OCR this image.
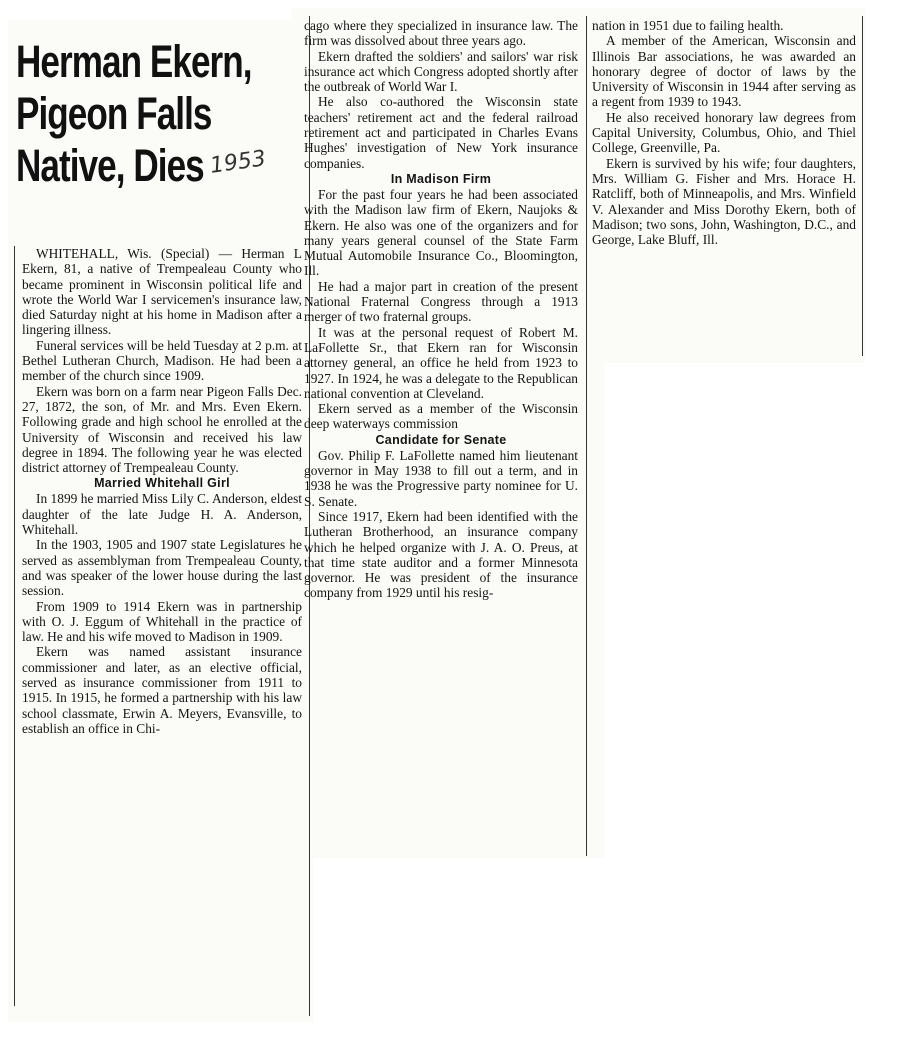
Herman Ekern,
Pigeon Falls
Native, Dies 1953

WHITEHALL, Wis. (Special) — Herman L Ekern, 81, a native of Trempealeau County who became prominent in Wisconsin political life and wrote the World War I servicemen's insurance law, died Saturday night at his home in Madison after a lingering illness.

Funeral services will be held Tuesday at 2 p.m. at Bethel Lutheran Church, Madison. He had been a member of the church since 1909.

Ekern was born on a farm near Pigeon Falls Dec. 27, 1872, the son, of Mr. and Mrs. Even Ekern. Following grade and high school he enrolled at the University of Wisconsin and received his law degree in 1894. The following year he was elected district attorney of Trempealeau County.

Married Whitehall Girl

In 1899 he married Miss Lily C. Anderson, eldest daughter of the late Judge H. A. Anderson, Whitehall.

In the 1903, 1905 and 1907 state Legislatures he served as assemblyman from Trempealeau County, and was speaker of the lower house during the last session.

From 1909 to 1914 Ekern was in partnership with O. J. Eggum of Whitehall in the practice of law. He and his wife moved to Madison in 1909.

Ekern was named assistant insurance commissioner and later, as an elective official, served as insurance commissioner from 1911 to 1915. In 1915, he formed a partnership with his law school classmate, Erwin A. Meyers, Evansville, to establish an office in Chi-

cago where they specialized in insurance law. The firm was dissolved about three years ago.

Ekern drafted the soldiers' and sailors' war risk insurance act which Congress adopted shortly after the outbreak of World War I.

He also co-authored the Wisconsin state teachers' retirement act and the federal railroad retirement act and participated in Charles Evans Hughes' investigation of New York insurance companies.

In Madison Firm

For the past four years he had been associated with the Madison law firm of Ekern, Naujoks & Ekern. He also was one of the organizers and for many years general counsel of the State Farm Mutual Automobile Insurance Co., Bloomington, Ill.

He had a major part in creation of the present National Fraternal Congress through a 1913 merger of two fraternal groups.

It was at the personal request of Robert M. LaFollette Sr., that Ekern ran for Wisconsin attorney general, an office he held from 1923 to 1927. In 1924, he was a delegate to the Republican national convention at Cleveland.

Ekern served as a member of the Wisconsin deep waterways commission

Candidate for Senate

Gov. Philip F. LaFollette named him lieutenant governor in May 1938 to fill out a term, and in 1938 he was the Progressive party nominee for U. S. Senate.

Since 1917, Ekern had been identified with the Lutheran Brotherhood, an insurance company which he helped organize with J. A. O. Preus, at that time state auditor and a former Minnesota governor. He was president of the insurance company from 1929 until his resig-

nation in 1951 due to failing health.

A member of the American, Wisconsin and Illinois Bar associations, he was awarded an honorary degree of doctor of laws by the University of Wisconsin in 1944 after serving as a regent from 1939 to 1943.

He also received honorary law degrees from Capital University, Columbus, Ohio, and Thiel College, Greenville, Pa.

Ekern is survived by his wife; four daughters, Mrs. William G. Fisher and Mrs. Horace H. Ratcliff, both of Minneapolis, and Mrs. Winfield V. Alexander and Miss Dorothy Ekern, both of Madison; two sons, John, Washington, D.C., and George, Lake Bluff, Ill.
